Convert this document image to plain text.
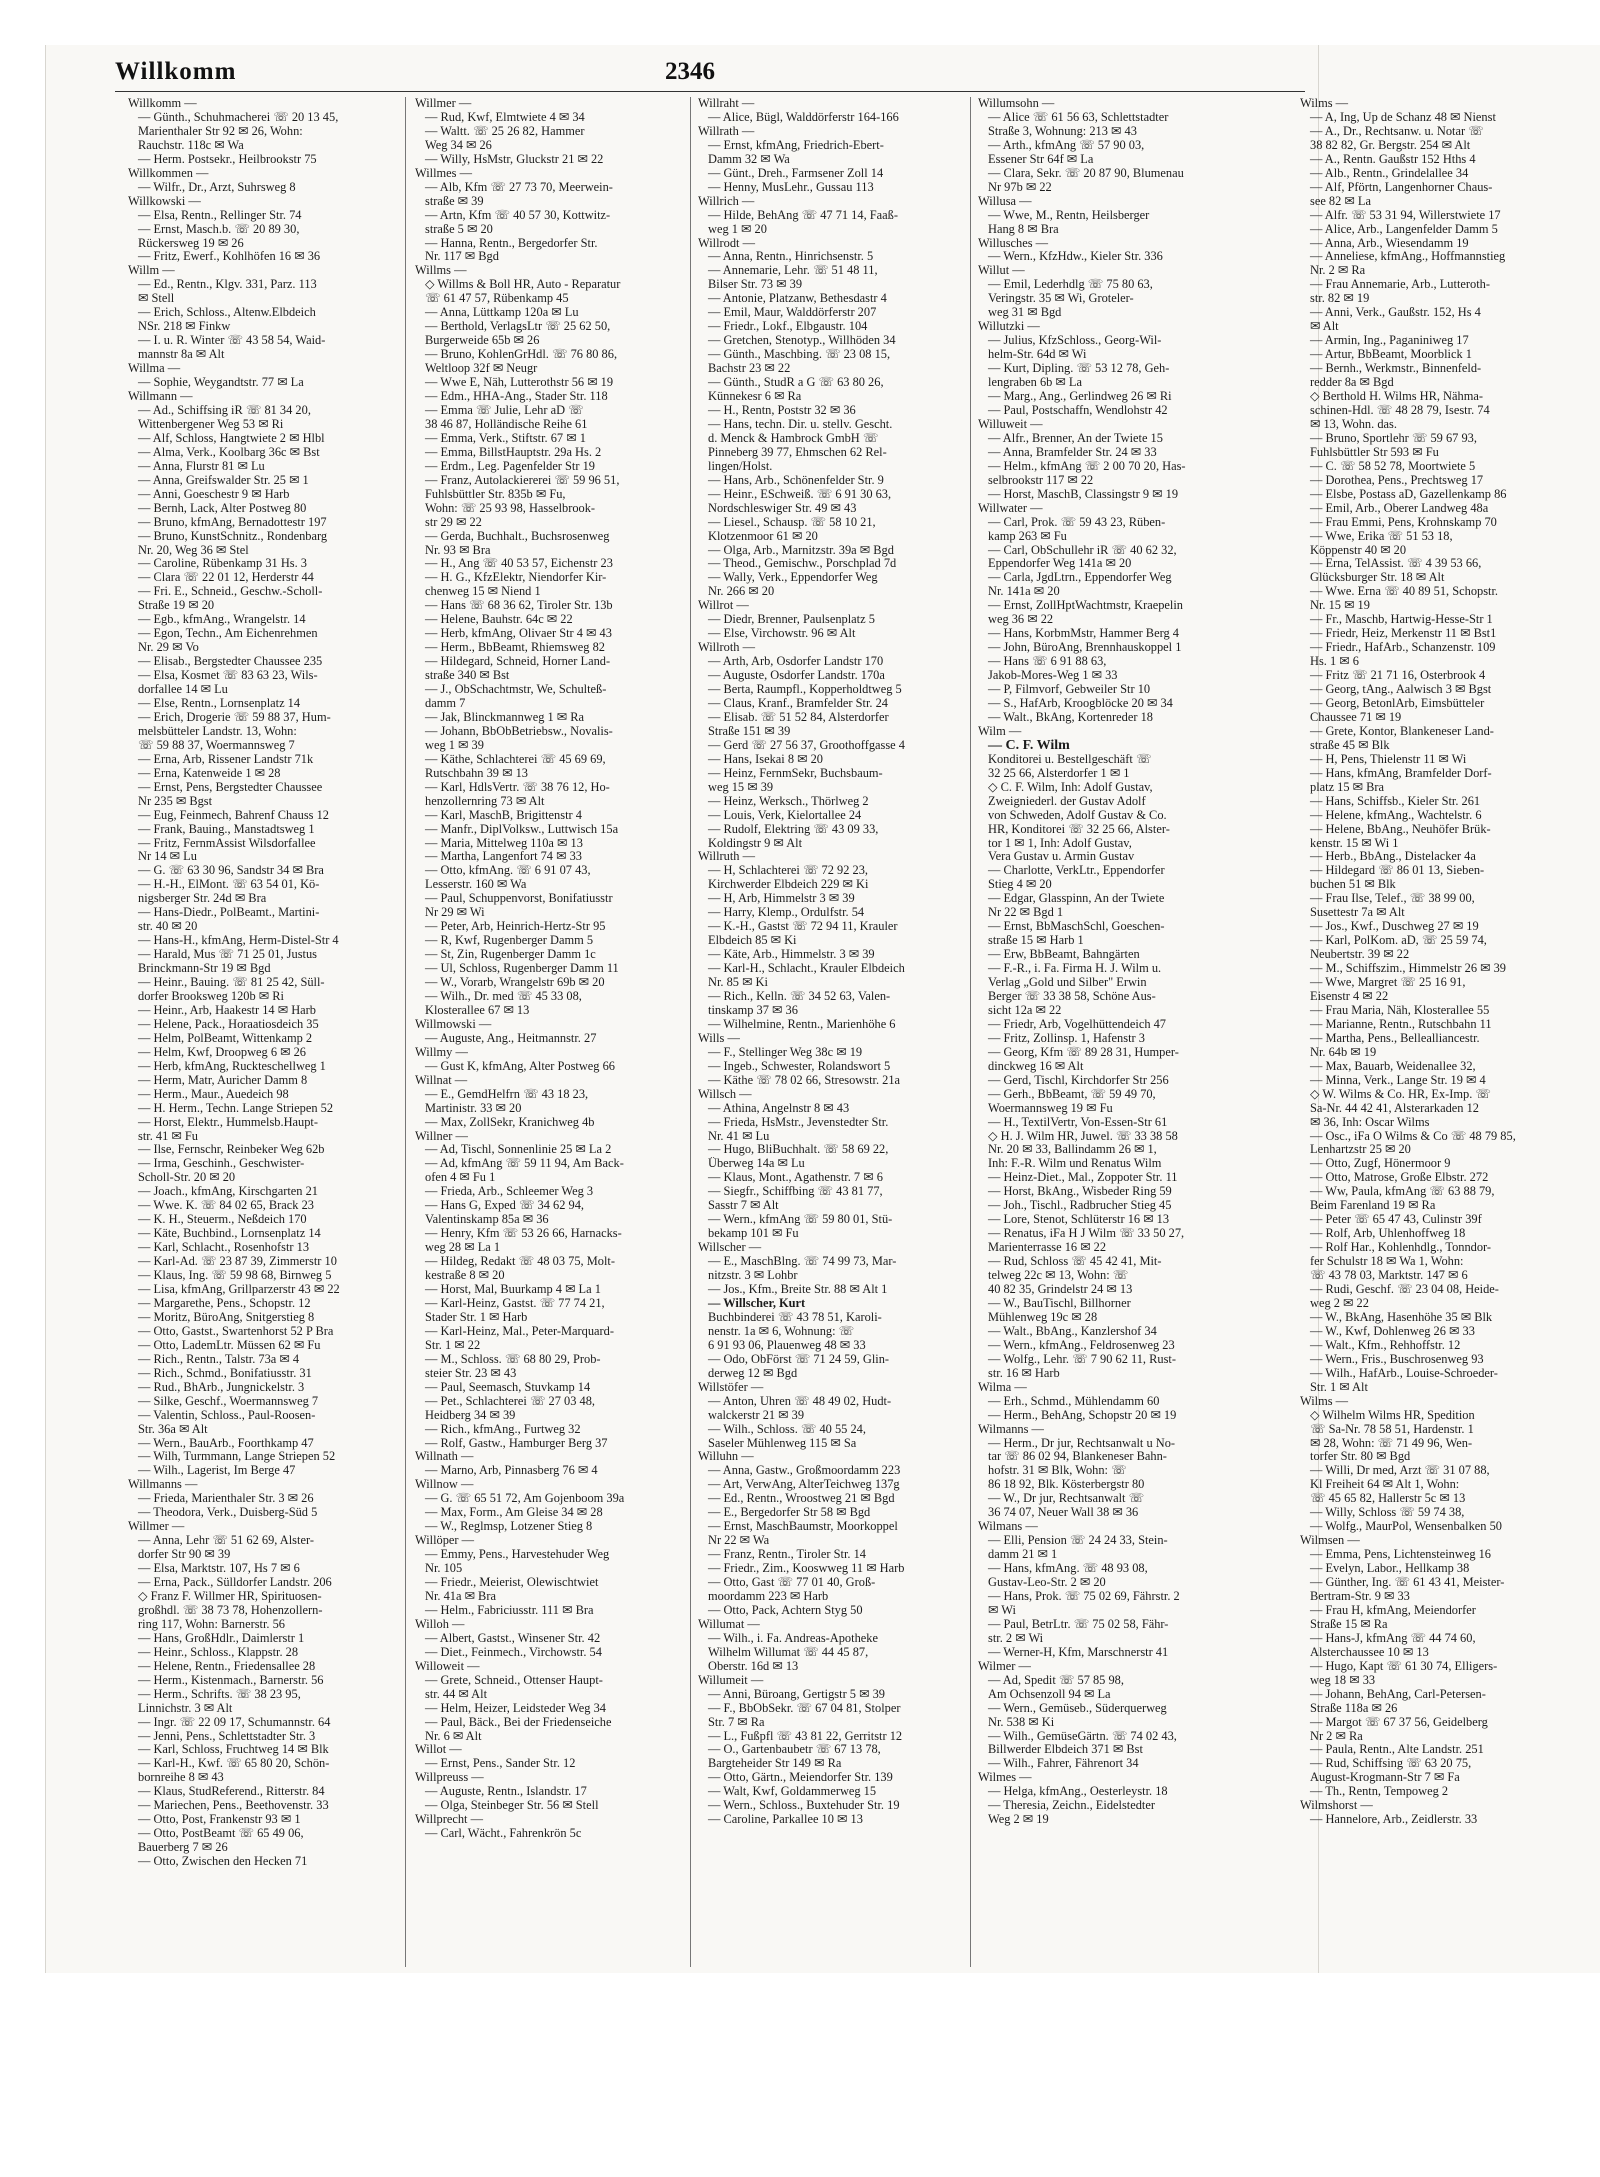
Willkomm	2346
Willkomm —
— Günth., Schuhmacherei ☏ 20 13 45,
Marienthaler Str 92 ✉ 26, Wohn:
Rauchstr. 118c ✉ Wa
— Herm. Postsekr., Heilbrookstr 75
Willkommen —
— Wilfr., Dr., Arzt, Suhrsweg 8
Willkowski —
— Elsa, Rentn., Rellinger Str. 74
— Ernst, Masch.b. ☏ 20 89 30,
Rückersweg 19 ✉ 26
— Fritz, Ewerf., Kohlhöfen 16 ✉ 36
Willm —
— Ed., Rentn., Klgv. 331, Parz. 113
✉ Stell
— Erich, Schloss., Altenw.Elbdeich
NSr. 218 ✉ Finkw
— I. u. R. Winter ☏ 43 58 54, Waid-
mannstr 8a ✉ Alt
Willma —
— Sophie, Weygandtstr. 77 ✉ La
Willmann —
— Ad., Schiffsing iR ☏ 81 34 20,
Wittenbergener Weg 53 ✉ Ri
— Alf, Schloss, Hangtwiete 2 ✉ Hlbl
— Alma, Verk., Koolbarg 36c ✉ Bst
— Anna, Flurstr 81 ✉ Lu
— Anna, Greifswalder Str. 25 ✉ 1
— Anni, Goeschestr 9 ✉ Harb
— Bernh, Lack, Alter Postweg 80
— Bruno, kfmAng, Bernadottestr 197
— Bruno, KunstSchnitz., Rondenbarg
Nr. 20, Weg 36 ✉ Stel
— Caroline, Rübenkamp 31 Hs. 3
— Clara ☏ 22 01 12, Herderstr 44
— Fri. E., Schneid., Geschw.-Scholl-
Straße 19 ✉ 20
— Egb., kfmAng., Wrangelstr. 14
— Egon, Techn., Am Eichenrehmen
Nr. 29 ✉ Vo
— Elisab., Bergstedter Chaussee 235
— Elsa, Kosmet ☏ 83 63 23, Wils-
dorfallee 14 ✉ Lu
— Else, Rentn., Lornsenplatz 14
— Erich, Drogerie ☏ 59 88 37, Hum-
melsbütteler Landstr. 13, Wohn:
☏ 59 88 37, Woermannsweg 7
— Erna, Arb, Rissener Landstr 71k
— Erna, Katenweide 1 ✉ 28
— Ernst, Pens, Bergstedter Chaussee
Nr 235 ✉ Bgst
— Eug, Feinmech, Bahrenf Chauss 12
— Frank, Bauing., Manstadtsweg 1
— Fritz, FernmAssist Wilsdorfallee
Nr 14 ✉ Lu
— G. ☏ 63 30 96, Sandstr 34 ✉ Bra
— H.-H., ElMont. ☏ 63 54 01, Kö-
nigsberger Str. 24d ✉ Bra
— Hans-Diedr., PolBeamt., Martini-
str. 40 ✉ 20
— Hans-H., kfmAng, Herm-Distel-Str 4
— Harald, Mus ☏ 71 25 01, Justus
Brinckmann-Str 19 ✉ Bgd
— Heinr., Bauing. ☏ 81 25 42, Süll-
dorfer Brooksweg 120b ✉ Ri
— Heinr., Arb, Haakestr 14 ✉ Harb
— Helene, Pack., Horaatiosdeich 35
— Helm, PolBeamt, Wittenkamp 2
— Helm, Kwf, Droopweg 6 ✉ 26
— Herb, kfmAng, Ruckteschellweg 1
— Herm, Matr, Auricher Damm 8
— Herm., Maur., Auedeich 98
— H. Herm., Techn. Lange Striepen 52
— Horst, Elektr., Hummelsb.Haupt-
str. 41 ✉ Fu
— Ilse, Fernschr, Reinbeker Weg 62b
— Irma, Geschinh., Geschwister-
Scholl-Str. 20 ✉ 20
— Joach., kfmAng, Kirschgarten 21
— Wwe. K. ☏ 84 02 65, Brack 23
— K. H., Steuerm., Neßdeich 170
— Käte, Buchbind., Lornsenplatz 14
— Karl, Schlacht., Rosenhofstr 13
— Karl-Ad. ☏ 23 87 39, Zimmerstr 10
— Klaus, Ing. ☏ 59 98 68, Birnweg 5
— Lisa, kfmAng, Grillparzerstr 43 ✉ 22
— Margarethe, Pens., Schopstr. 12
— Moritz, BüroAng, Snitgerstieg 8
— Otto, Gastst., Swartenhorst 52 P Bra
— Otto, LademLtr. Müssen 62 ✉ Fu
— Rich., Rentn., Talstr. 73a ✉ 4
— Rich., Schmd., Bonifatiusstr. 31
— Rud., BhArb., Jungnickelstr. 3
— Silke, Geschf., Woermannsweg 7
— Valentin, Schloss., Paul-Roosen-
Str. 36a ✉ Alt
— Wern., BauArb., Foorthkamp 47
— Wilh, Turmmann, Lange Striepen 52
— Wilh., Lagerist, Im Berge 47
Willmanns —
— Frieda, Marienthaler Str. 3 ✉ 26
— Theodora, Verk., Duisberg-Süd 5
Willmer —
— Anna, Lehr ☏ 51 62 69, Alster-
dorfer Str 90 ✉ 39
— Elsa, Marktstr. 107, Hs 7 ✉ 6
— Erna, Pack., Sülldorfer Landstr. 206
◇ Franz F. Willmer HR, Spirituosen-
großhdl. ☏ 38 73 78, Hohenzollern-
ring 117, Wohn: Barnerstr. 56
— Hans, GroßHdlr., Daimlerstr 1
— Heinr., Schloss., Klappstr. 28
— Helene, Rentn., Friedensallee 28
— Herm., Kistenmach., Barnerstr. 56
— Herm., Schrifts. ☏ 38 23 95,
Linnichstr. 3 ✉ Alt
— Ingr. ☏ 22 09 17, Schumannstr. 64
— Jenni, Pens., Schlettstadter Str. 3
— Karl, Schloss, Fruchtweg 14 ✉ Blk
— Karl-H., Kwf. ☏ 65 80 20, Schön-
bornreihe 8 ✉ 43
— Klaus, StudReferend., Ritterstr. 84
— Mariechen, Pens., Beethovenstr. 33
— Otto, Post, Frankenstr 93 ✉ 1
— Otto, PostBeamt ☏ 65 49 06,
Bauerberg 7 ✉ 26
— Otto, Zwischen den Hecken 71
Willmer —
— Rud, Kwf, Elmtwiete 4 ✉ 34
— Waltt. ☏ 25 26 82, Hammer
Weg 34 ✉ 26
— Willy, HsMstr, Gluckstr 21 ✉ 22
Willmes —
— Alb, Kfm ☏ 27 73 70, Meerwein-
straße ✉ 39
— Artn, Kfm ☏ 40 57 30, Kottwitz-
straße 5 ✉ 20
— Hanna, Rentn., Bergedorfer Str.
Nr. 117 ✉ Bgd
Willms —
◇ Willms & Boll HR, Auto - Reparatur
☏ 61 47 57, Rübenkamp 45
— Anna, Lüttkamp 120a ✉ Lu
— Berthold, VerlagsLtr ☏ 25 62 50,
Burgerweide 65b ✉ 26
— Bruno, KohlenGrHdl. ☏ 76 80 86,
Weltloop 32f ✉ Neugr
— Wwe E, Näh, Lutterothstr 56 ✉ 19
— Edm., HHA-Ang., Stader Str. 118
— Emma ☏ Julie, Lehr aD ☏
38 46 87, Holländische Reihe 61
— Emma, Verk., Stiftstr. 67 ✉ 1
— Emma, BillstHauptstr. 29a Hs. 2
— Erdm., Leg. Pagenfelder Str 19
— Franz, Autolackiererei ☏ 59 96 51,
Fuhlsbüttler Str. 835b ✉ Fu,
Wohn: ☏ 25 93 98, Hasselbrook-
str 29 ✉ 22
— Gerda, Buchhalt., Buchsrosenweg
Nr. 93 ✉ Bra
— H., Ang ☏ 40 53 57, Eichenstr 23
— H. G., KfzElektr, Niendorfer Kir-
chenweg 15 ✉ Niend 1
— Hans ☏ 68 36 62, Tiroler Str. 13b
— Helene, Bauhstr. 64c ✉ 22
— Herb, kfmAng, Olivaer Str 4 ✉ 43
— Herm., BbBeamt, Rhiemsweg 82
— Hildegard, Schneid, Horner Land-
straße 340 ✉ Bst
— J., ObSchachtmstr, We, Schulteß-
damm 7
— Jak, Blinckmannweg 1 ✉ Ra
— Johann, BbObBetriebsw., Novalis-
weg 1 ✉ 39
— Käthe, Schlachterei ☏ 45 69 69,
Rutschbahn 39 ✉ 13
— Karl, HdlsVertr. ☏ 38 76 12, Ho-
henzollernring 73 ✉ Alt
— Karl, MaschB, Brigittenstr 4
— Manfr., DiplVolksw., Luttwisch 15a
— Maria, Mittelweg 110a ✉ 13
— Martha, Langenfort 74 ✉ 33
— Otto, kfmAng. ☏ 6 91 07 43,
Lesserstr. 160 ✉ Wa
— Paul, Schuppenvorst, Bonifatiusstr
Nr 29 ✉ Wi
— Peter, Arb, Heinrich-Hertz-Str 95
— R, Kwf, Rugenberger Damm 5
— St, Zin, Rugenberger Damm 1c
— Ul, Schloss, Rugenberger Damm 11
— W., Vorarb, Wrangelstr 69b ✉ 20
— Wilh., Dr. med ☏ 45 33 08,
Klosterallee 67 ✉ 13
Willmowski —
— Auguste, Ang., Heitmannstr. 27
Willmy —
— Gust K, kfmAng, Alter Postweg 66
Willnat —
— E., GemdHelfrn ☏ 43 18 23,
Martinistr. 33 ✉ 20
— Max, ZollSekr, Kranichweg 4b
Willner —
— Ad, Tischl, Sonnenlinie 25 ✉ La 2
— Ad, kfmAng ☏ 59 11 94, Am Back-
ofen 4 ✉ Fu 1
— Frieda, Arb., Schleemer Weg 3
— Hans G, Exped ☏ 34 62 94,
Valentinskamp 85a ✉ 36
— Henry, Kfm ☏ 53 26 66, Harnacks-
weg 28 ✉ La 1
— Hildeg, Redakt ☏ 48 03 75, Molt-
kestraße 8 ✉ 20
— Horst, Mal, Buurkamp 4 ✉ La 1
— Karl-Heinz, Gastst. ☏ 77 74 21,
Stader Str. 1 ✉ Harb
— Karl-Heinz, Mal., Peter-Marquard-
Str. 1 ✉ 22
— M., Schloss. ☏ 68 80 29, Prob-
steier Str. 23 ✉ 43
— Paul, Seemasch, Stuvkamp 14
— Pet., Schlachterei ☏ 27 03 48,
Heidberg 34 ✉ 39
— Rich., kfmAng., Furtweg 32
— Rolf, Gastw., Hamburger Berg 37
Willnath —
— Marno, Arb, Pinnasberg 76 ✉ 4
Willnow —
— G. ☏ 65 51 72, Am Gojenboom 39a
— Max, Form., Am Gleise 34 ✉ 28
— W., Reglmsp, Lotzener Stieg 8
Willöper —
— Emmy, Pens., Harvestehuder Weg
Nr. 105
— Friedr., Meierist, Olewischtwiet
Nr. 41a ✉ Bra
— Helm., Fabriciusstr. 111 ✉ Bra
Willoh —
— Albert, Gastst., Winsener Str. 42
— Diet., Feinmech., Virchowstr. 54
Willoweit —
— Grete, Schneid., Ottenser Haupt-
str. 44 ✉ Alt
— Helm, Heizer, Leidsteder Weg 34
— Paul, Bäck., Bei der Friedenseiche
Nr. 6 ✉ Alt
Willot —
— Ernst, Pens., Sander Str. 12
Willpreuss —
— Auguste, Rentn., Islandstr. 17
— Olga, Steinbeger Str. 56 ✉ Stell
Willprecht —
— Carl, Wächt., Fahrenkrön 5c
Willraht —
— Alice, Bügl, Walddörferstr 164-166
Willrath —
— Ernst, kfmAng, Friedrich-Ebert-
Damm 32 ✉ Wa
— Günt., Dreh., Farmsener Zoll 14
— Henny, MusLehr., Gussau 113
Willrich —
— Hilde, BehAng ☏ 47 71 14, Faaß-
weg 1 ✉ 20
Willrodt —
— Anna, Rentn., Hinrichsenstr. 5
— Annemarie, Lehr. ☏ 51 48 11,
Bilser Str. 73 ✉ 39
— Antonie, Platzanw, Bethesdastr 4
— Emil, Maur, Walddörferstr 207
— Friedr., Lokf., Elbgaustr. 104
— Gretchen, Stenotyp., Willhöden 34
— Günth., Maschbing. ☏ 23 08 15,
Bachstr 23 ✉ 22
— Günth., StudR a G ☏ 63 80 26,
Künnekesr 6 ✉ Ra
— H., Rentn, Poststr 32 ✉ 36
— Hans, techn. Dir. u. stellv. Gescht.
d. Menck & Hambrock GmbH ☏
Pinneberg 39 77, Ehmschen 62 Rel-
lingen/Holst.
— Hans, Arb., Schönenfelder Str. 9
— Heinr., ESchweiß. ☏ 6 91 30 63,
Nordschleswiger Str. 49 ✉ 43
— Liesel., Schausp. ☏ 58 10 21,
Klotzenmoor 61 ✉ 20
— Olga, Arb., Marnitzstr. 39a ✉ Bgd
— Theod., Gemischw., Porschplad 7d
— Wally, Verk., Eppendorfer Weg
Nr. 266 ✉ 20
Willrot —
— Diedr, Brenner, Paulsenplatz 5
— Else, Virchowstr. 96 ✉ Alt
Willroth —
— Arth, Arb, Osdorfer Landstr 170
— Auguste, Osdorfer Landstr. 170a
— Berta, Raumpfl., Kopperholdtweg 5
— Claus, Kranf., Bramfelder Str. 24
— Elisab. ☏ 51 52 84, Alsterdorfer
Straße 151 ✉ 39
— Gerd ☏ 27 56 37, Groothoffgasse 4
— Hans, Isekai 8 ✉ 20
— Heinz, FernmSekr, Buchsbaum-
weg 15 ✉ 39
— Heinz, Werksch., Thörlweg 2
— Louis, Verk, Kielortallee 24
— Rudolf, Elektring ☏ 43 09 33,
Koldingstr 9 ✉ Alt
Willruth —
— H, Schlachterei ☏ 72 92 23,
Kirchwerder Elbdeich 229 ✉ Ki
— H, Arb, Himmelstr 3 ✉ 39
— Harry, Klemp., Ordulfstr. 54
— K.-H., Gastst ☏ 72 94 11, Krauler
Elbdeich 85 ✉ Ki
— Käte, Arb., Himmelstr. 3 ✉ 39
— Karl-H., Schlacht., Krauler Elbdeich
Nr. 85 ✉ Ki
— Rich., Kelln. ☏ 34 52 63, Valen-
tinskamp 37 ✉ 36
— Wilhelmine, Rentn., Marienhöhe 6
Wills —
— F., Stellinger Weg 38c ✉ 19
— Ingeb., Schwester, Rolandswort 5
— Käthe ☏ 78 02 66, Stresowstr. 21a
Willsch —
— Athina, Angelnstr 8 ✉ 43
— Frieda, HsMstr., Jevenstedter Str.
Nr. 41 ✉ Lu
— Hugo, BliBuchhalt. ☏ 58 69 22,
Überweg 14a ✉ Lu
— Klaus, Mont., Agathenstr. 7 ✉ 6
— Siegfr., Schiffbing ☏ 43 81 77,
Sasstr 7 ✉ Alt
— Wern., kfmAng ☏ 59 80 01, Stü-
bekamp 101 ✉ Fu
Willscher —
— E., MaschBlng. ☏ 74 99 73, Mar-
nitzstr. 3 ✉ Lohbr
— Jos., Kfm., Breite Str. 88 ✉ Alt 1
— Willscher, Kurt
Buchbinderei ☏ 43 78 51, Karoli-
nenstr. 1a ✉ 6, Wohnung: ☏
6 91 93 06, Plauenweg 48 ✉ 33
— Odo, ObFörst ☏ 71 24 59, Glin-
derweg 12 ✉ Bgd
Willstöfer —
— Anton, Uhren ☏ 48 49 02, Hudt-
walckerstr 21 ✉ 39
— Wilh., Schloss. ☏ 40 55 24,
Saseler Mühlenweg 115 ✉ Sa
Willuhn —
— Anna, Gastw., Großmoordamm 223
— Art, VerwAng, AlterTeichweg 137g
— Ed., Rentn., Wroostweg 21 ✉ Bgd
— E., Bergedorfer Str 58 ✉ Bgd
— Ernst, MaschBaumstr, Moorkoppel
Nr 22 ✉ Wa
— Franz, Rentn., Tiroler Str. 14
— Friedr., Zim., Kooswweg 11 ✉ Harb
— Otto, Gast ☏ 77 01 40, Groß-
moordamm 223 ✉ Harb
— Otto, Pack, Achtern Styg 50
Willumat —
— Wilh., i. Fa. Andreas-Apotheke
Wilhelm Willumat ☏ 44 45 87,
Oberstr. 16d ✉ 13
Willumeit —
— Anni, Büroang, Gertigstr 5 ✉ 39
— F., BbObSekr. ☏ 67 04 81, Stolper
Str. 7 ✉ Ra
— L., Fußpfl ☏ 43 81 22, Gerritstr 12
— O., Gartenbaubetr ☏ 67 13 78,
Bargteheider Str 149 ✉ Ra
— Otto, Gärtn., Meiendorfer Str. 139
— Walt, Kwf, Goldammerweg 15
— Wern., Schloss., Buxtehuder Str. 19
— Caroline, Parkallee 10 ✉ 13
Willumsohn —
— Alice ☏ 61 56 63, Schlettstadter
Straße 3, Wohnung: 213 ✉ 43
— Arth., kfmAng ☏ 57 90 03,
Essener Str 64f ✉ La
— Clara, Sekr. ☏ 20 87 90, Blumenau
Nr 97b ✉ 22
Willusa —
— Wwe, M., Rentn, Heilsberger
Hang 8 ✉ Bra
Willusches —
— Wern., KfzHdw., Kieler Str. 336
Willut —
— Emil, Lederhdlg ☏ 75 80 63,
Veringstr. 35 ✉ Wi, Groteler-
weg 31 ✉ Bgd
Willutzki —
— Julius, KfzSchloss., Georg-Wil-
helm-Str. 64d ✉ Wi
— Kurt, Dipling. ☏ 53 12 78, Geh-
lengraben 6b ✉ La
— Marg., Ang., Gerlindweg 26 ✉ Ri
— Paul, Postschaffn, Wendlohstr 42
Willuweit —
— Alfr., Brenner, An der Twiete 15
— Anna, Bramfelder Str. 24 ✉ 33
— Helm., kfmAng ☏ 2 00 70 20, Has-
selbrookstr 117 ✉ 22
— Horst, MaschB, Classingstr 9 ✉ 19
Willwater —
— Carl, Prok. ☏ 59 43 23, Rüben-
kamp 263 ✉ Fu
— Carl, ObSchullehr iR ☏ 40 62 32,
Eppendorfer Weg 141a ✉ 20
— Carla, JgdLtrn., Eppendorfer Weg
Nr. 141a ✉ 20
— Ernst, ZollHptWachtmstr, Kraepelin
weg 36 ✉ 22
— Hans, KorbmMstr, Hammer Berg 4
— John, BüroAng, Brennhauskoppel 1
— Hans ☏ 6 91 88 63,
Jakob-Mores-Weg 1 ✉ 33
— P, Filmvorf, Gebweiler Str 10
— S., HafArb, Kroogblöcke 20 ✉ 34
— Walt., BkAng, Kortenreder 18
Wilm —
— C. F. Wilm
Konditorei u. Bestellgeschäft ☏
32 25 66, Alsterdorfer 1 ✉ 1
◇ C. F. Wilm, Inh: Adolf Gustav,
Zweigniederl. der Gustav Adolf
von Schweden, Adolf Gustav & Co.
HR, Konditorei ☏ 32 25 66, Alster-
tor 1 ✉ 1, Inh: Adolf Gustav,
Vera Gustav u. Armin Gustav
— Charlotte, VerkLtr., Eppendorfer
Stieg 4 ✉ 20
— Edgar, Glasspinn, An der Twiete
Nr 22 ✉ Bgd 1
— Ernst, BbMaschSchl, Goeschen-
straße 15 ✉ Harb 1
— Erw, BbBeamt, Bahngärten
— F.-R., i. Fa. Firma H. J. Wilm u.
Verlag „Gold und Silber" Erwin
Berger ☏ 33 38 58, Schöne Aus-
sicht 12a ✉ 22
— Friedr, Arb, Vogelhüttendeich 47
— Fritz, Zollinsp. 1, Hafenstr 3
— Georg, Kfm ☏ 89 28 31, Humper-
dinckweg 16 ✉ Alt
— Gerd, Tischl, Kirchdorfer Str 256
— Gerh., BbBeamt, ☏ 59 49 70,
Woermannsweg 19 ✉ Fu
— H., TextilVertr, Von-Essen-Str 61
◇ H. J. Wilm HR, Juwel. ☏ 33 38 58
Nr. 20 ✉ 33, Ballindamm 26 ✉ 1,
Inh: F.-R. Wilm und Renatus Wilm
— Heinz-Diet., Mal., Zoppoter Str. 11
— Horst, BkAng., Wisbeder Ring 59
— Joh., Tischl., Radbrucher Stieg 45
— Lore, Stenot, Schlüterstr 16 ✉ 13
— Renatus, iFa H J Wilm ☏ 33 50 27,
Marienterrasse 16 ✉ 22
— Rud, Schloss ☏ 45 42 41, Mit-
telweg 22c ✉ 13, Wohn: ☏
40 82 35, Grindelstr 24 ✉ 13
— W., BauTischl, Billhorner
Mühlenweg 19c ✉ 28
— Walt., BbAng., Kanzlershof 34
— Wern., kfmAng., Feldrosenweg 23
— Wolfg., Lehr. ☏ 7 90 62 11, Rust-
str. 16 ✉ Harb
Wilma —
— Erh., Schmd., Mühlendamm 60
— Herm., BehAng, Schopstr 20 ✉ 19
Wilmanns —
— Herm., Dr jur, Rechtsanwalt u No-
tar ☏ 86 02 94, Blankeneser Bahn-
hofstr. 31 ✉ Blk, Wohn: ☏
86 18 92, Blk. Kösterbergstr 80
— W., Dr jur, Rechtsanwalt ☏
36 74 07, Neuer Wall 38 ✉ 36
Wilmans —
— Elli, Pension ☏ 24 24 33, Stein-
damm 21 ✉ 1
— Hans, kfmAng. ☏ 48 93 08,
Gustav-Leo-Str. 2 ✉ 20
— Hans, Prok. ☏ 75 02 69, Fährstr. 2
✉ Wi
— Paul, BetrLtr. ☏ 75 02 58, Fähr-
str. 2 ✉ Wi
— Werner-H, Kfm, Marschnerstr 41
Wilmer —
— Ad, Spedit ☏ 57 85 98,
Am Ochsenzoll 94 ✉ La
— Wern., Gemüseb., Süderquerweg
Nr. 538 ✉ Ki
— Wilh., GemüseGärtn. ☏ 74 02 43,
Billwerder Elbdeich 371 ✉ Bst
— Wilh., Fahrer, Fährenort 34
Wilmes —
— Helga, kfmAng., Oesterleystr. 18
— Theresia, Zeichn., Eidelstedter
Weg 2 ✉ 19
Wilms —
— A, Ing, Up de Schanz 48 ✉ Nienst
— A., Dr., Rechtsanw. u. Notar ☏
38 82 82, Gr. Bergstr. 254 ✉ Alt
— A., Rentn. Gaußstr 152 Hths 4
— Alb., Rentn., Grindelallee 34
— Alf, Pförtn, Langenhorner Chaus-
see 82 ✉ La
— Alfr. ☏ 53 31 94, Willerstwiete 17
— Alice, Arb., Langenfelder Damm 5
— Anna, Arb., Wiesendamm 19
— Anneliese, kfmAng., Hoffmannstieg
Nr. 2 ✉ Ra
— Frau Annemarie, Arb., Lutteroth-
str. 82 ✉ 19
— Anni, Verk., Gaußstr. 152, Hs 4
✉ Alt
— Armin, Ing., Paganiniweg 17
— Artur, BbBeamt, Moorblick 1
— Bernh., Werkmstr., Binnenfeld-
redder 8a ✉ Bgd
◇ Berthold H. Wilms HR, Nähma-
schinen-Hdl. ☏ 48 28 79, Isestr. 74
✉ 13, Wohn. das.
— Bruno, Sportlehr ☏ 59 67 93,
Fuhlsbüttler Str 593 ✉ Fu
— C. ☏ 58 52 78, Moortwiete 5
— Dorothea, Pens., Prechtsweg 17
— Elsbe, Postass aD, Gazellenkamp 86
— Emil, Arb., Oberer Landweg 48a
— Frau Emmi, Pens, Krohnskamp 70
— Wwe, Erika ☏ 51 53 18,
Köppenstr 40 ✉ 20
— Erna, TelAssist. ☏ 4 39 53 66,
Glücksburger Str. 18 ✉ Alt
— Wwe. Erna ☏ 40 89 51, Schopstr.
Nr. 15 ✉ 19
— Fr., Maschb, Hartwig-Hesse-Str 1
— Friedr, Heiz, Merkenstr 11 ✉ Bst1
— Friedr., HafArb., Schanzenstr. 109
Hs. 1 ✉ 6
— Fritz ☏ 21 71 16, Osterbrook 4
— Georg, tAng., Aalwisch 3 ✉ Bgst
— Georg, BetonlArb, Eimsbütteler
Chaussee 71 ✉ 19
— Grete, Kontor, Blankeneser Land-
straße 45 ✉ Blk
— H, Pens, Thielenstr 11 ✉ Wi
— Hans, kfmAng, Bramfelder Dorf-
platz 15 ✉ Bra
— Hans, Schiffsb., Kieler Str. 261
— Helene, kfmAng., Wachtelstr. 6
— Helene, BbAng., Neuhöfer Brük-
kenstr. 15 ✉ Wi 1
— Herb., BbAng., Distelacker 4a
— Hildegard ☏ 86 01 13, Sieben-
buchen 51 ✉ Blk
— Frau Ilse, Telef., ☏ 38 99 00,
Susettestr 7a ✉ Alt
— Jos., Kwf., Duschweg 27 ✉ 19
— Karl, PolKom. aD, ☏ 25 59 74,
Neubertstr. 39 ✉ 22
— M., Schiffszim., Himmelstr 26 ✉ 39
— Wwe, Margret ☏ 25 16 91,
Eisenstr 4 ✉ 22
— Frau Maria, Näh, Klosterallee 55
— Marianne, Rentn., Rutschbahn 11
— Martha, Pens., Bellealliancestr.
Nr. 64b ✉ 19
— Max, Bauarb, Weidenallee 32,
— Minna, Verk., Lange Str. 19 ✉ 4
◇ W. Wilms & Co. HR, Ex-Imp. ☏
Sa-Nr. 44 42 41, Alsterarkaden 12
✉ 36, Inh: Oscar Wilms
— Osc., iFa O Wilms & Co ☏ 48 79 85,
Lenhartzstr 25 ✉ 20
— Otto, Zugf, Hönermoor 9
— Otto, Matrose, Große Elbstr. 272
— Ww, Paula, kfmAng ☏ 63 88 79,
Beim Farenland 19 ✉ Ra
— Peter ☏ 65 47 43, Culinstr 39f
— Rolf, Arb, Uhlenhoffweg 18
— Rolf Har., Kohlenhdlg., Tonndor-
fer Schulstr 18 ✉ Wa 1, Wohn:
☏ 43 78 03, Marktstr. 147 ✉ 6
— Rudi, Geschf. ☏ 23 04 08, Heide-
weg 2 ✉ 22
— W., BkAng, Hasenhöhe 35 ✉ Blk
— W., Kwf, Dohlenweg 26 ✉ 33
— Walt., Kfm., Rehhoffstr. 12
— Wern., Fris., Buschrosenweg 93
— Wilh., HafArb., Louise-Schroeder-
Str. 1 ✉ Alt
Wilms —
◇ Wilhelm Wilms HR, Spedition
☏ Sa-Nr. 78 58 51, Hardenstr. 1
✉ 28, Wohn: ☏ 71 49 96, Wen-
torfer Str. 80 ✉ Bgd
— Willi, Dr med, Arzt ☏ 31 07 88,
Kl Freiheit 64 ✉ Alt 1, Wohn:
☏ 45 65 82, Hallerstr 5c ✉ 13
— Willy, Schloss ☏ 59 74 38,
— Wolfg., MaurPol, Wensenbalken 50
Wilmsen —
— Emma, Pens, Lichtensteinweg 16
— Evelyn, Labor., Hellkamp 38
— Günther, Ing. ☏ 61 43 41, Meister-
Bertram-Str. 9 ✉ 33
— Frau H, kfmAng, Meiendorfer
Straße 15 ✉ Ra
— Hans-J, kfmAng ☏ 44 74 60,
Alsterchaussee 10 ✉ 13
— Hugo, Kapt ☏ 61 30 74, Elligers-
weg 18 ✉ 33
— Johann, BehAng, Carl-Petersen-
Straße 118a ✉ 26
— Margot ☏ 67 37 56, Geidelberg
Nr 2 ✉ Ra
— Paula, Rentn., Alte Landstr. 251
— Rud, Schiffsing ☏ 63 20 75,
August-Krogmann-Str 7 ✉ Fa
— Th., Rentn, Tempoweg 2
Wilmshorst —
— Hannelore, Arb., Zeidlerstr. 33
